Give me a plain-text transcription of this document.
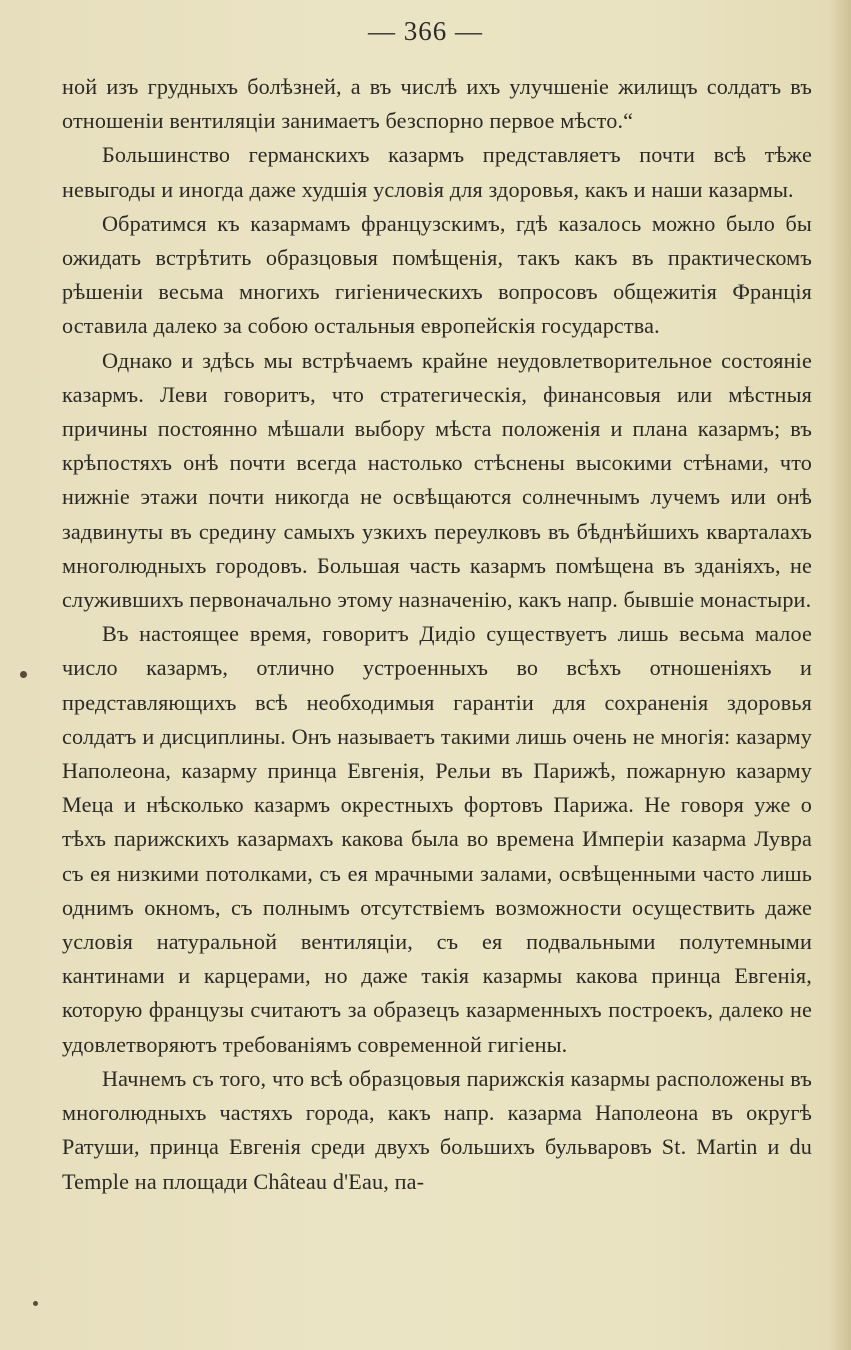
— 366 —

ной изъ грудныхъ болѣзней, а въ числѣ ихъ улучшеніе жилищъ солдатъ въ отношеніи вентиляціи занимаетъ безспорно первое мѣсто.“

Большинство германскихъ казармъ представляетъ почти всѣ тѣже невыгоды и иногда даже худшія условія для здоровья, какъ и наши казармы.

Обратимся къ казармамъ французскимъ, гдѣ казалось можно было бы ожидать встрѣтить образцовыя помѣщенія, такъ какъ въ практическомъ рѣшеніи весьма многихъ гигіеническихъ вопросовъ общежитія Франція оставила далеко за собою остальныя европейскія государства.

Однако и здѣсь мы встрѣчаемъ крайне неудовлетворительное состояніе казармъ. Леви говоритъ, что стратегическія, финансовыя или мѣстныя причины постоянно мѣшали выбору мѣста положенія и плана казармъ; въ крѣпостяхъ онѣ почти всегда настолько стѣснены высокими стѣнами, что нижніе этажи почти никогда не освѣщаются солнечнымъ лучемъ или онѣ задвинуты въ средину самыхъ узкихъ переулковъ въ бѣднѣйшихъ кварталахъ многолюдныхъ городовъ. Большая часть казармъ помѣщена въ зданіяхъ, не служившихъ первоначально этому назначенію, какъ напр. бывшіе монастыри.

Въ настоящее время, говоритъ Дидіо существуетъ лишь весьма малое число казармъ, отлично устроенныхъ во всѣхъ отношеніяхъ и представляющихъ всѣ необходимыя гарантіи для сохраненія здоровья солдатъ и дисциплины. Онъ называетъ такими лишь очень не многія: казарму Наполеона, казарму принца Евгенія, Рельи въ Парижѣ, пожарную казарму Меца и нѣсколько казармъ окрестныхъ фортовъ Парижа. Не говоря уже о тѣхъ парижскихъ казармахъ какова была во времена Имперіи казарма Лувра съ ея низкими потолками, съ ея мрачными залами, освѣщенными часто лишь однимъ окномъ, съ полнымъ отсутствіемъ возможности осуществить даже условія натуральной вентиляціи, съ ея подвальными полутемными кантинами и карцерами, но даже такія казармы какова принца Евгенія, которую французы считаютъ за образецъ казарменныхъ построекъ, далеко не удовлетворяютъ требованіямъ современной гигіены.

Начнемъ съ того, что всѣ образцовыя парижскія казармы расположены въ многолюдныхъ частяхъ города, какъ напр. казарма Наполеона въ округѣ Ратуши, принца Евгенія среди двухъ большихъ бульваровъ St. Martin и du Temple на площади Château d'Eau, па-
